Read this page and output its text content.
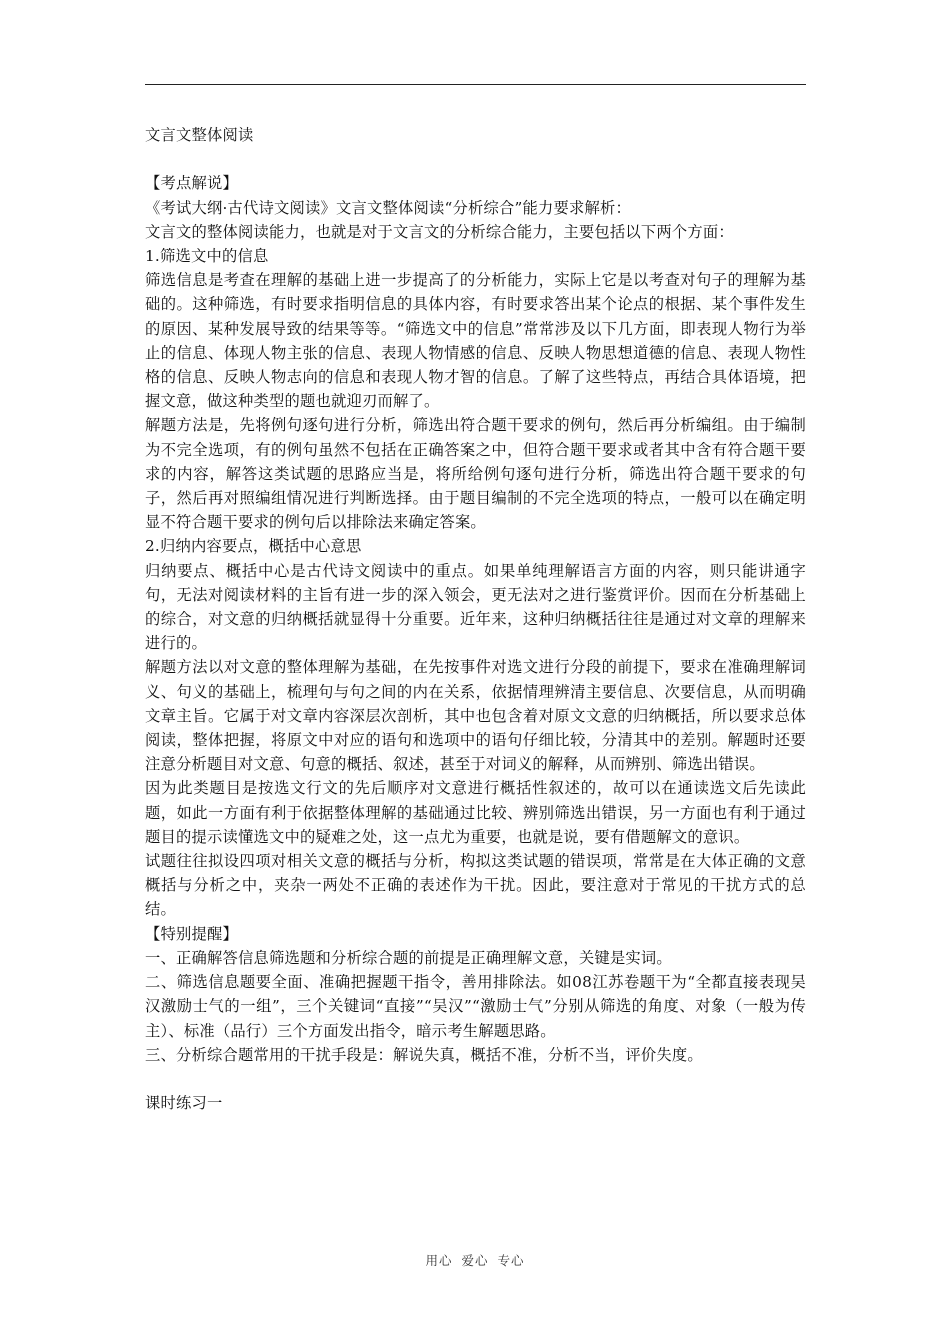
文言文整体阅读

【考点解说】

《考试大纲·古代诗文阅读》文言文整体阅读“分析综合”能力要求解析：

文言文的整体阅读能力，也就是对于文言文的分析综合能力，主要包括以下两个方面：

1.筛选文中的信息

筛选信息是考查在理解的基础上进一步提高了的分析能力，实际上它是以考查对句子的理解为基础的。这种筛选，有时要求指明信息的具体内容，有时要求答出某个论点的根据、某个事件发生的原因、某种发展导致的结果等等。“筛选文中的信息”常常涉及以下几方面，即表现人物行为举止的信息、体现人物主张的信息、表现人物情感的信息、反映人物思想道德的信息、表现人物性格的信息、反映人物志向的信息和表现人物才智的信息。了解了这些特点，再结合具体语境，把握文意，做这种类型的题也就迎刃而解了。

解题方法是，先将例句逐句进行分析，筛选出符合题干要求的例句，然后再分析编组。由于编制为不完全选项，有的例句虽然不包括在正确答案之中，但符合题干要求或者其中含有符合题干要求的内容，解答这类试题的思路应当是，将所给例句逐句进行分析，筛选出符合题干要求的句子，然后再对照编组情况进行判断选择。由于题目编制的不完全选项的特点，一般可以在确定明显不符合题干要求的例句后以排除法来确定答案。

2.归纳内容要点，概括中心意思

归纳要点、概括中心是古代诗文阅读中的重点。如果单纯理解语言方面的内容，则只能讲通字句，无法对阅读材料的主旨有进一步的深入领会，更无法对之进行鉴赏评价。因而在分析基础上的综合，对文意的归纳概括就显得十分重要。近年来，这种归纳概括往往是通过对文章的理解来进行的。

解题方法以对文意的整体理解为基础，在先按事件对选文进行分段的前提下，要求在准确理解词义、句义的基础上，梳理句与句之间的内在关系，依据情理辨清主要信息、次要信息，从而明确文章主旨。它属于对文章内容深层次剖析，其中也包含着对原文文意的归纳概括，所以要求总体阅读，整体把握，将原文中对应的语句和选项中的语句仔细比较，分清其中的差别。解题时还要注意分析题目对文意、句意的概括、叙述，甚至于对词义的解释，从而辨别、筛选出错误。

因为此类题目是按选文行文的先后顺序对文意进行概括性叙述的，故可以在通读选文后先读此题，如此一方面有利于依据整体理解的基础通过比较、辨别筛选出错误，另一方面也有利于通过题目的提示读懂选文中的疑难之处，这一点尤为重要，也就是说，要有借题解文的意识。

试题往往拟设四项对相关文意的概括与分析，构拟这类试题的错误项，常常是在大体正确的文意概括与分析之中，夹杂一两处不正确的表述作为干扰。因此，要注意对于常见的干扰方式的总结。

【特别提醒】

一、正确解答信息筛选题和分析综合题的前提是正确理解文意，关键是实词。

二、筛选信息题要全面、准确把握题干指令，善用排除法。如08江苏卷题干为“全都直接表现吴汉激励士气的一组”，三个关键词“直接”“吴汉”“激励士气”分别从筛选的角度、对象（一般为传主）、标准（品行）三个方面发出指令，暗示考生解题思路。

三、分析综合题常用的干扰手段是：解说失真，概括不准，分析不当，评价失度。

课时练习一

用心 爱心 专心
